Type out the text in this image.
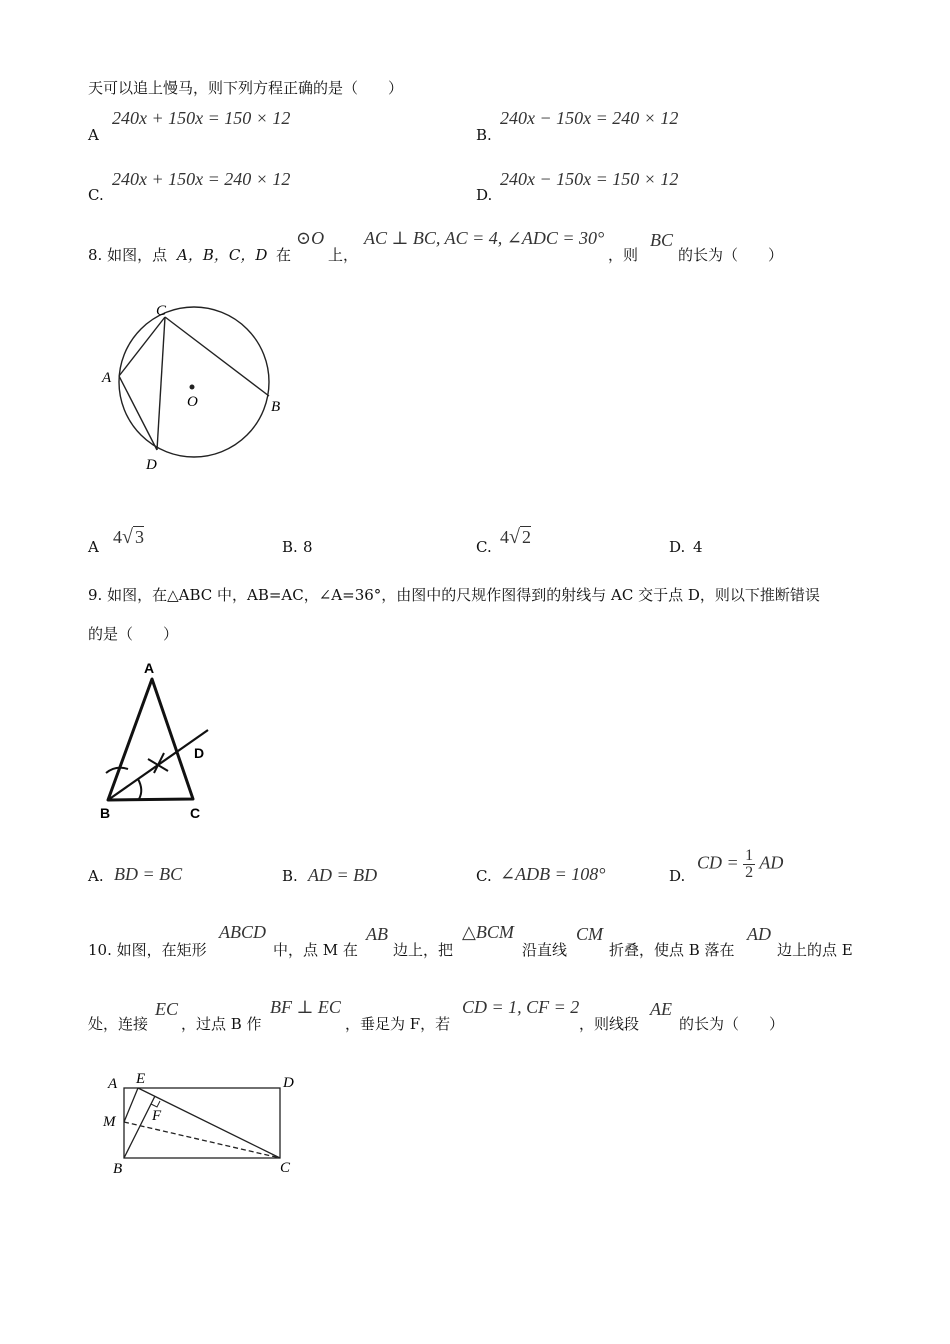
天可以追上慢马，则下列方程正确的是（　　）
A
240x + 150x = 150 × 12
B.
240x − 150x = 240 × 12
C.
240x + 150x = 240 × 12
D.
240x − 150x = 150 × 12
8. 如图，点 A，B，C，D 在
⊙O
上，
AC ⊥ BC, AC = 4, ∠ADC = 30°
，则
BC
的长为（　　）
C
A
O	B
D
A 4√ 3	B. 8	C. 4√ 2	D. 4
9. 如图，在△ABC 中，AB=AC，∠A=36°，由图中的尺规作图得到的射线与 AC 交于点 D，则以下推断错误
的是（　　）
A
B	C
D
A. BD = BC	B. AD = BD	C. ∠ADB = 108°	D.
CD = $\frac{1}{2}$ AD
10. 如图，在矩形
ABCD
中，点 M 在
AB
边上，把
△BCM
沿直线
CM
折叠，使点 B 落在
AD
边上的点 E
处，连接
EC
，过点 B 作
BF ⊥ EC
，垂足为 F，若
CD = 1, CF = 2
，则线段
AE
的长为（　　）
A E	D
M F
B	C
